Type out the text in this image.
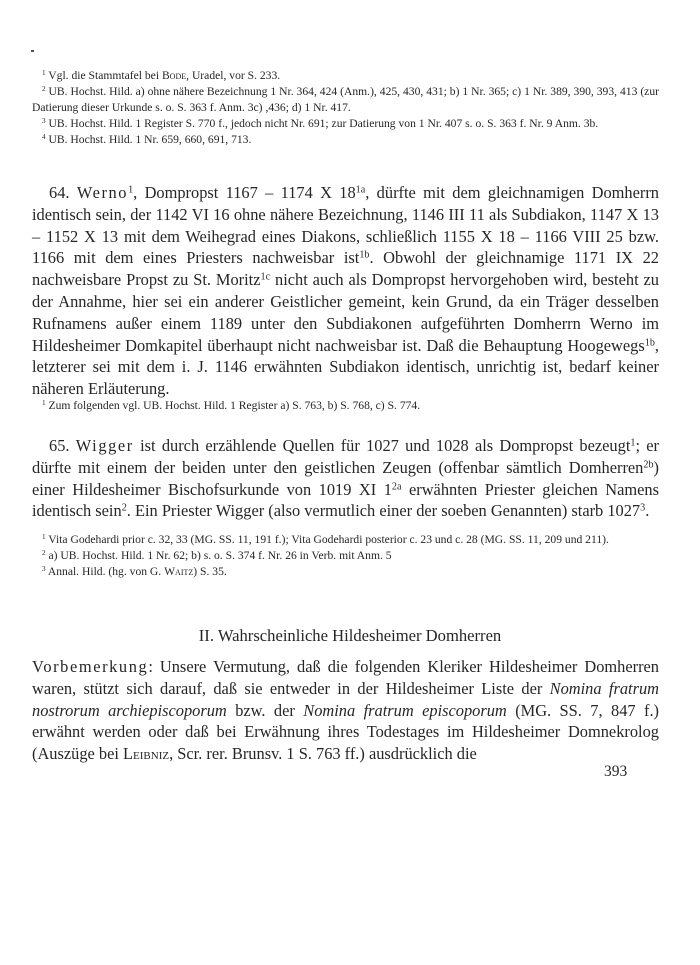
$^1$ Vgl. die Stammtafel bei Bode, Uradel, vor S. 233.

$^2$ UB. Hochst. Hild. a) ohne nähere Bezeichnung 1 Nr. 364, 424 (Anm.), 425, 430, 431; b) 1 Nr. 365; c) 1 Nr. 389, 390, 393, 413 (zur Datierung dieser Urkunde s. o. S. 363 f. Anm. 3c) ,436; d) 1 Nr. 417.

$^3$ UB. Hochst. Hild. 1 Register S. 770 f., jedoch nicht Nr. 691; zur Datierung von 1 Nr. 407 s. o. S. 363 f. Nr. 9 Anm. 3b.

$^4$ UB. Hochst. Hild. 1 Nr. 659, 660, 691, 713.

64. Werno$^1$, Dompropst 1167 – 1174 X $18^{1a}$, dürfte mit dem gleichnamigen Domherrn identisch sein, der 1142 VI 16 ohne nähere Bezeichnung, 1146 III 11 als Subdiakon, 1147 X 13 – 1152 X 13 mit dem Weihegrad eines Diakons, schließlich 1155 X 18 – 1166 VIII 25 bzw. 1166 mit dem eines Priesters nachweisbar ist$^{1b}$. Obwohl der gleichnamige 1171 IX 22 nachweisbare Propst zu St. Moritz$^{1c}$ nicht auch als Dompropst hervorgehoben wird, besteht zu der Annahme, hier sei ein anderer Geistlicher gemeint, kein Grund, da ein Träger desselben Rufnamens außer einem 1189 unter den Subdiakonen aufgeführten Domherrn Werno im Hildesheimer Domkapitel überhaupt nicht nachweisbar ist. Daß die Behauptung Hoogewegs$^{1b}$, letzterer sei mit dem i. J. 1146 erwähnten Subdiakon identisch, unrichtig ist, bedarf keiner näheren Erläuterung.

$^1$ Zum folgenden vgl. UB. Hochst. Hild. 1 Register a) S. 763, b) S. 768, c) S. 774.

65. Wigger ist durch erzählende Quellen für 1027 und 1028 als Dompropst bezeugt$^1$; er dürfte mit einem der beiden unter den geistlichen Zeugen (offenbar sämtlich Domherren$^{2b}$) einer Hildesheimer Bischofsurkunde von 1019 XI $1^{2a}$ erwähnten Priester gleichen Namens identisch sein$^2$. Ein Priester Wigger (also vermutlich einer der soeben Genannten) starb 1027$^3$.

$^1$ Vita Godehardi prior c. 32, 33 (MG. SS. 11, 191 f.); Vita Godehardi posterior c. 23 und c. 28 (MG. SS. 11, 209 und 211).

$^2$ a) UB. Hochst. Hild. 1 Nr. 62; b) s. o. S. 374 f. Nr. 26 in Verb. mit Anm. 5

$^3$ Annal. Hild. (hg. von G. Waitz) S. 35.

II. Wahrscheinliche Hildesheimer Domherren

Vorbemerkung: Unsere Vermutung, daß die folgenden Kleriker Hildesheimer Domherren waren, stützt sich darauf, daß sie entweder in der Hildesheimer Liste der Nomina fratrum nostrorum archiepiscoporum bzw. der Nomina fratrum episcoporum (MG. SS. 7, 847 f.) erwähnt werden oder daß bei Erwähnung ihres Todestages im Hildesheimer Domnekrolog (Auszüge bei Leibniz, Scr. rer. Brunsv. 1 S. 763 ff.) ausdrücklich die

393
